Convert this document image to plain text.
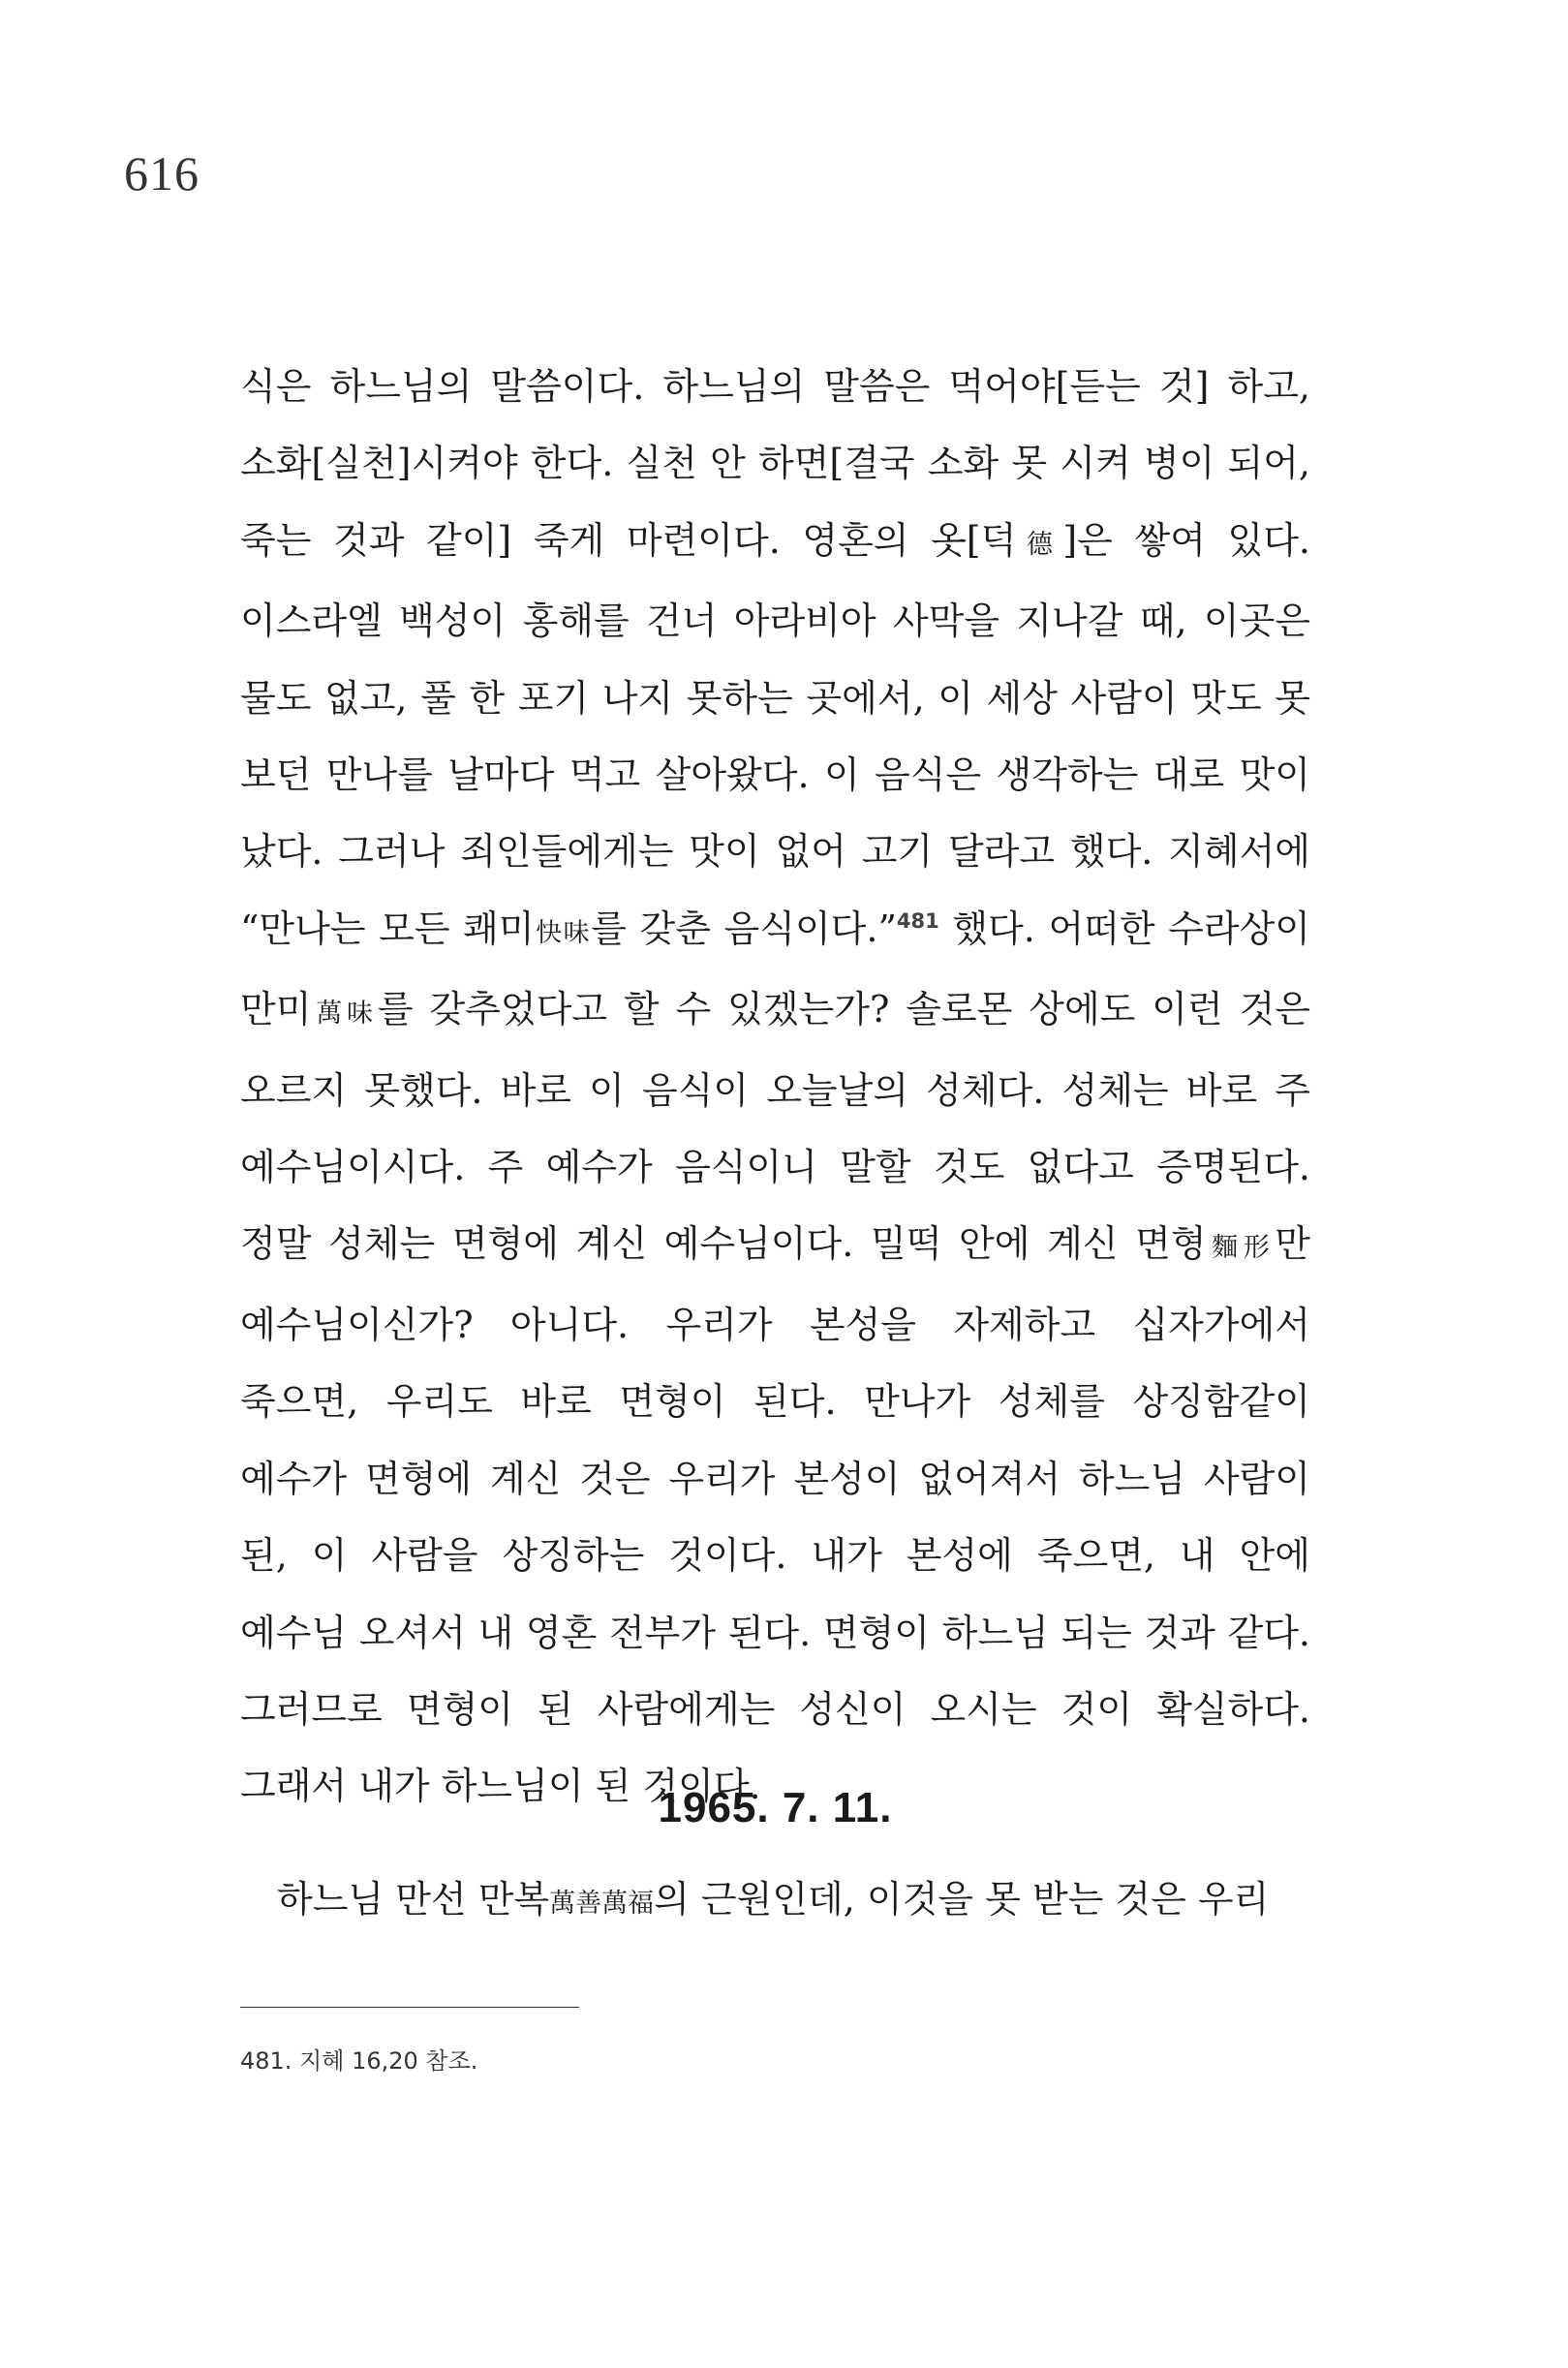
616

식은 하느님의 말씀이다. 하느님의 말씀은 먹어야[듣는 것] 하고, 소화[실천]시켜야 한다. 실천 안 하면[결국 소화 못 시켜 병이 되어, 죽는 것과 같이] 죽게 마련이다. 영혼의 옷[덕德]은 쌓여 있다. 이스라엘 백성이 홍해를 건너 아라비아 사막을 지나갈 때, 이곳은 물도 없고, 풀 한 포기 나지 못하는 곳에서, 이 세상 사람이 맛도 못 보던 만나를 날마다 먹고 살아왔다. 이 음식은 생각하는 대로 맛이 났다. 그러나 죄인들에게는 맛이 없어 고기 달라고 했다. 지혜서에 “만나는 모든 쾌미快味를 갖춘 음식이다.”$^{481}$ 했다. 어떠한 수라상이 만미萬味를 갖추었다고 할 수 있겠는가? 솔로몬 상에도 이런 것은 오르지 못했다. 바로 이 음식이 오늘날의 성체다. 성체는 바로 주 예수님이시다. 주 예수가 음식이니 말할 것도 없다고 증명된다. 정말 성체는 면형에 계신 예수님이다. 밀떡 안에 계신 면형麵形만 예수님이신가? 아니다. 우리가 본성을 자제하고 십자가에서 죽으면, 우리도 바로 면형이 된다. 만나가 성체를 상징함같이 예수가 면형에 계신 것은 우리가 본성이 없어져서 하느님 사람이 된, 이 사람을 상징하는 것이다. 내가 본성에 죽으면, 내 안에 예수님 오셔서 내 영혼 전부가 된다. 면형이 하느님 되는 것과 같다. 그러므로 면형이 된 사람에게는 성신이 오시는 것이 확실하다. 그래서 내가 하느님이 된 것이다.

1965. 7. 11.

하느님 만선 만복萬善萬福의 근원인데, 이것을 못 받는 것은 우리

481. 지혜 16,20 참조.
